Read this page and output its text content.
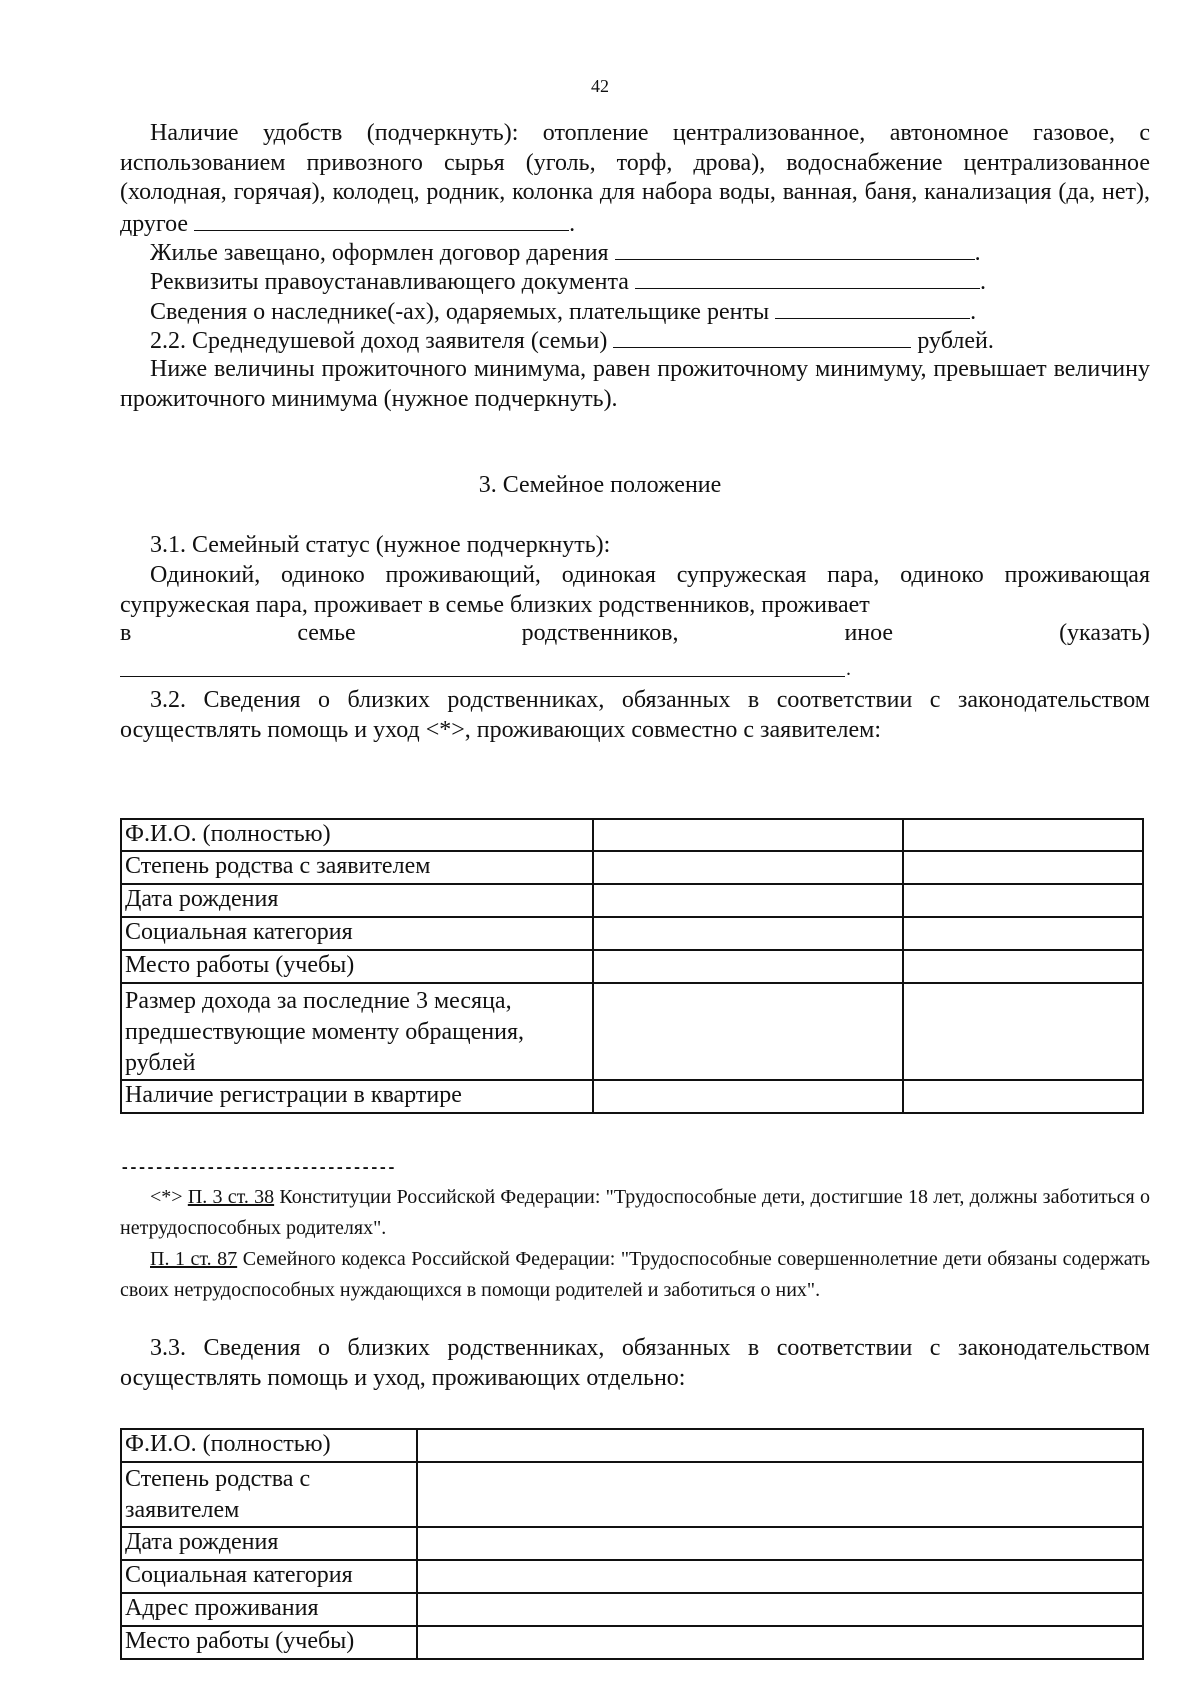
42

Наличие удобств (подчеркнуть): отопление централизованное, автономное газовое, с использованием привозного сырья (уголь, торф, дрова), водоснабжение централизованное (холодная, горячая), колодец, родник, колонка для набора воды, ванная, баня, канализация (да, нет), другое	.

Жилье завещано, оформлен договор дарения	.

Реквизиты правоустанавливающего документа	.

Сведения о наследнике(-ах), одаряемых, плательщике ренты	.

2.2. Среднедушевой доход заявителя (семьи)	рублей.

Ниже величины прожиточного минимума, равен прожиточному минимуму, превышает величину прожиточного минимума (нужное подчеркнуть).

3. Семейное положение

3.1. Семейный статус (нужное подчеркнуть):

Одинокий, одиноко проживающий, одинокая супружеская пара, одиноко проживающая супружеская пара, проживает в семье близких родственников, проживает

в	семье	родственников,	иное	(указать)
.

3.2. Сведения о близких родственниках, обязанных в соответствии с законодательством осуществлять помощь и уход <*>, проживающих совместно с заявителем:

Ф.И.О. (полностью)		
Степень родства с заявителем		
Дата рождения		
Социальная категория		
Место работы (учебы)		
Размер дохода за последние 3 месяца, предшествующие моменту обращения, рублей		
Наличие регистрации в квартире		
--------------------------------

<*> П. 3 ст. 38 Конституции Российской Федерации: "Трудоспособные дети, достигшие 18 лет, должны заботиться о нетрудоспособных родителях".

П. 1 ст. 87 Семейного кодекса Российской Федерации: "Трудоспособные совершеннолетние дети обязаны содержать своих нетрудоспособных нуждающихся в помощи родителей и заботиться о них".

3.3. Сведения о близких родственниках, обязанных в соответствии с законодательством осуществлять помощь и уход, проживающих отдельно:

Ф.И.О. (полностью)	
Степень родства с заявителем	
Дата рождения	
Социальная категория	
Адрес проживания	
Место работы (учебы)	
